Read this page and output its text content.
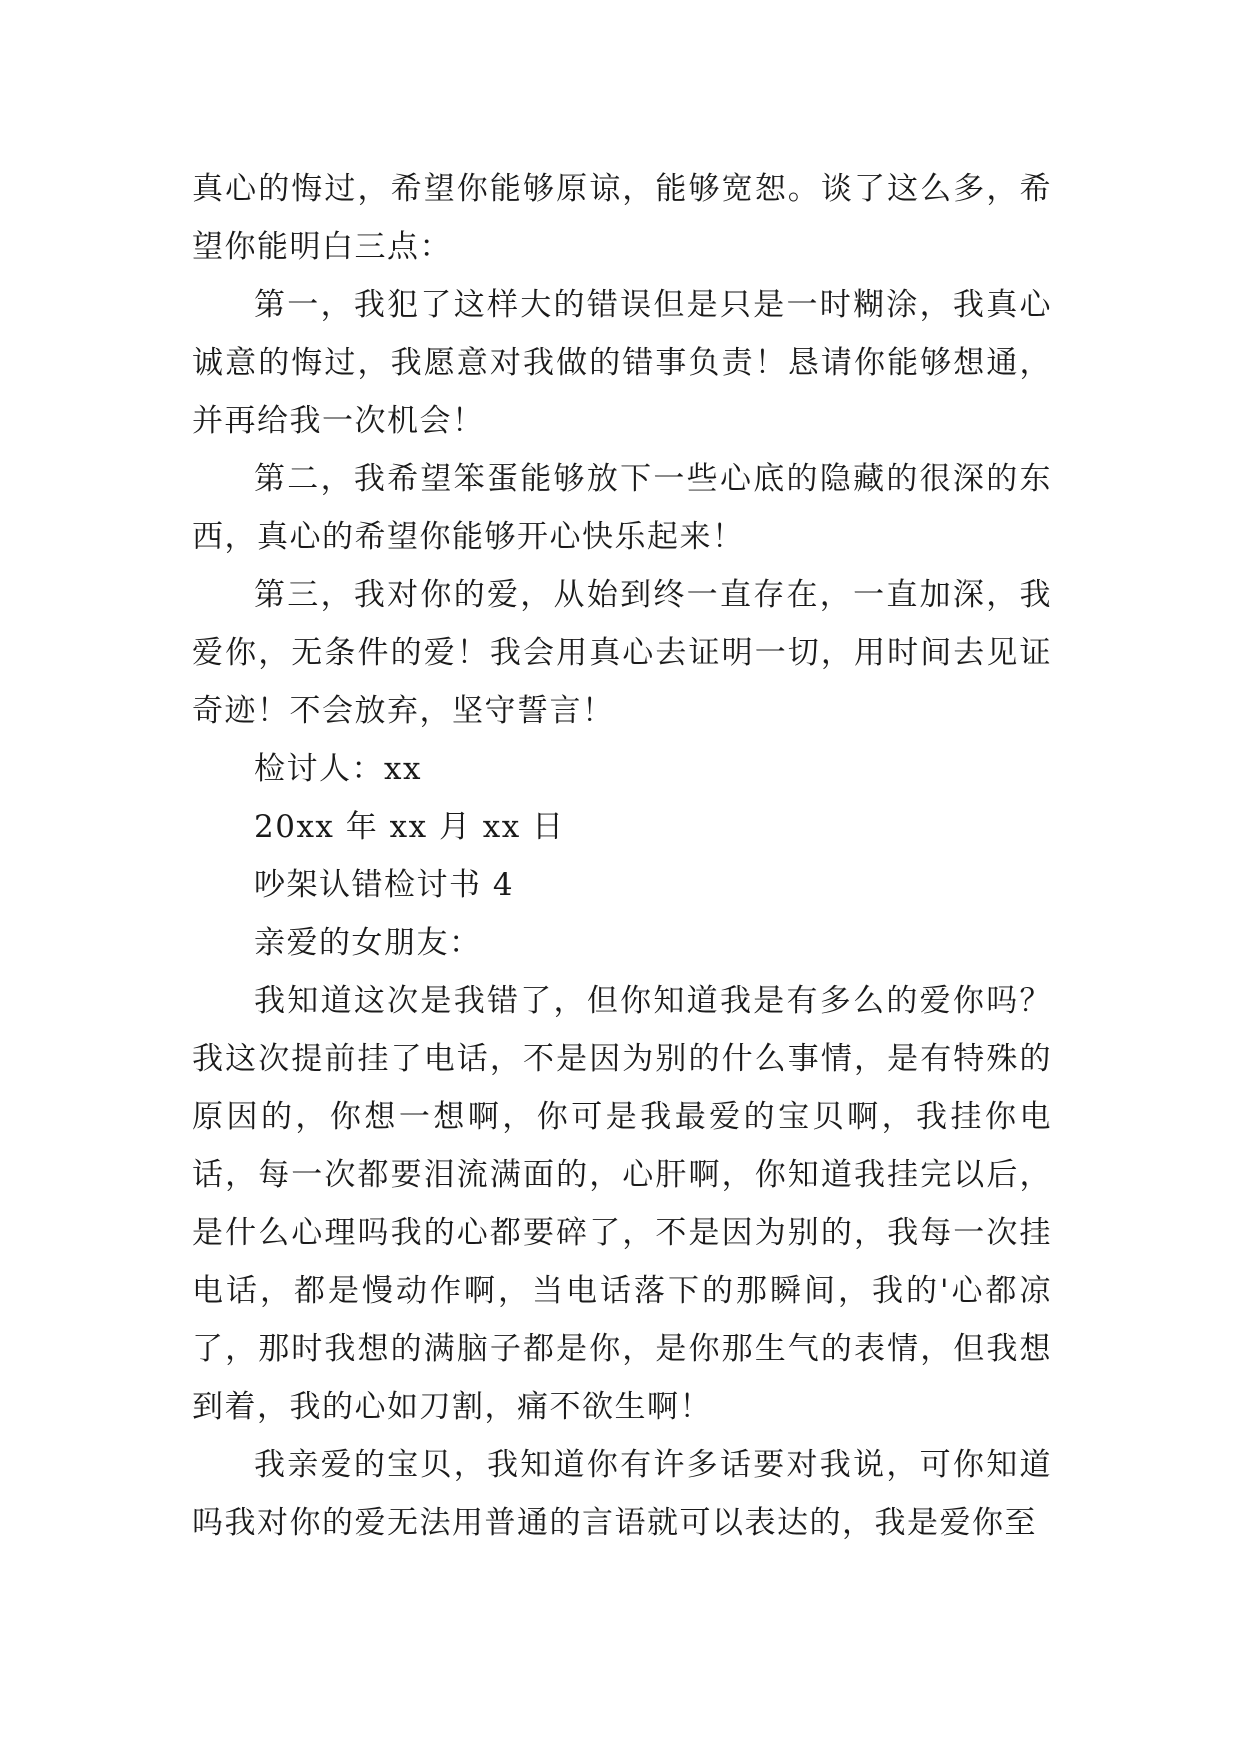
真心的悔过，希望你能够原谅，能够宽恕。谈了这么多，希望你能明白三点：

第一，我犯了这样大的错误但是只是一时糊涂，我真心诚意的悔过，我愿意对我做的错事负责！恳请你能够想通，并再给我一次机会！

第二，我希望笨蛋能够放下一些心底的隐藏的很深的东西，真心的希望你能够开心快乐起来！

第三，我对你的爱，从始到终一直存在，一直加深，我爱你，无条件的爱！我会用真心去证明一切，用时间去见证奇迹！不会放弃，坚守誓言！

检讨人：xx

20xx 年 xx 月 xx 日

吵架认错检讨书 4

亲爱的女朋友：

我知道这次是我错了，但你知道我是有多么的爱你吗？我这次提前挂了电话，不是因为别的什么事情，是有特殊的原因的，你想一想啊，你可是我最爱的宝贝啊，我挂你电话，每一次都要泪流满面的，心肝啊，你知道我挂完以后，是什么心理吗我的心都要碎了，不是因为别的，我每一次挂电话，都是慢动作啊，当电话落下的那瞬间，我的'心都凉了，那时我想的满脑子都是你，是你那生气的表情，但我想到着，我的心如刀割，痛不欲生啊！

我亲爱的宝贝，我知道你有许多话要对我说，可你知道吗我对你的爱无法用普通的言语就可以表达的，我是爱你至
